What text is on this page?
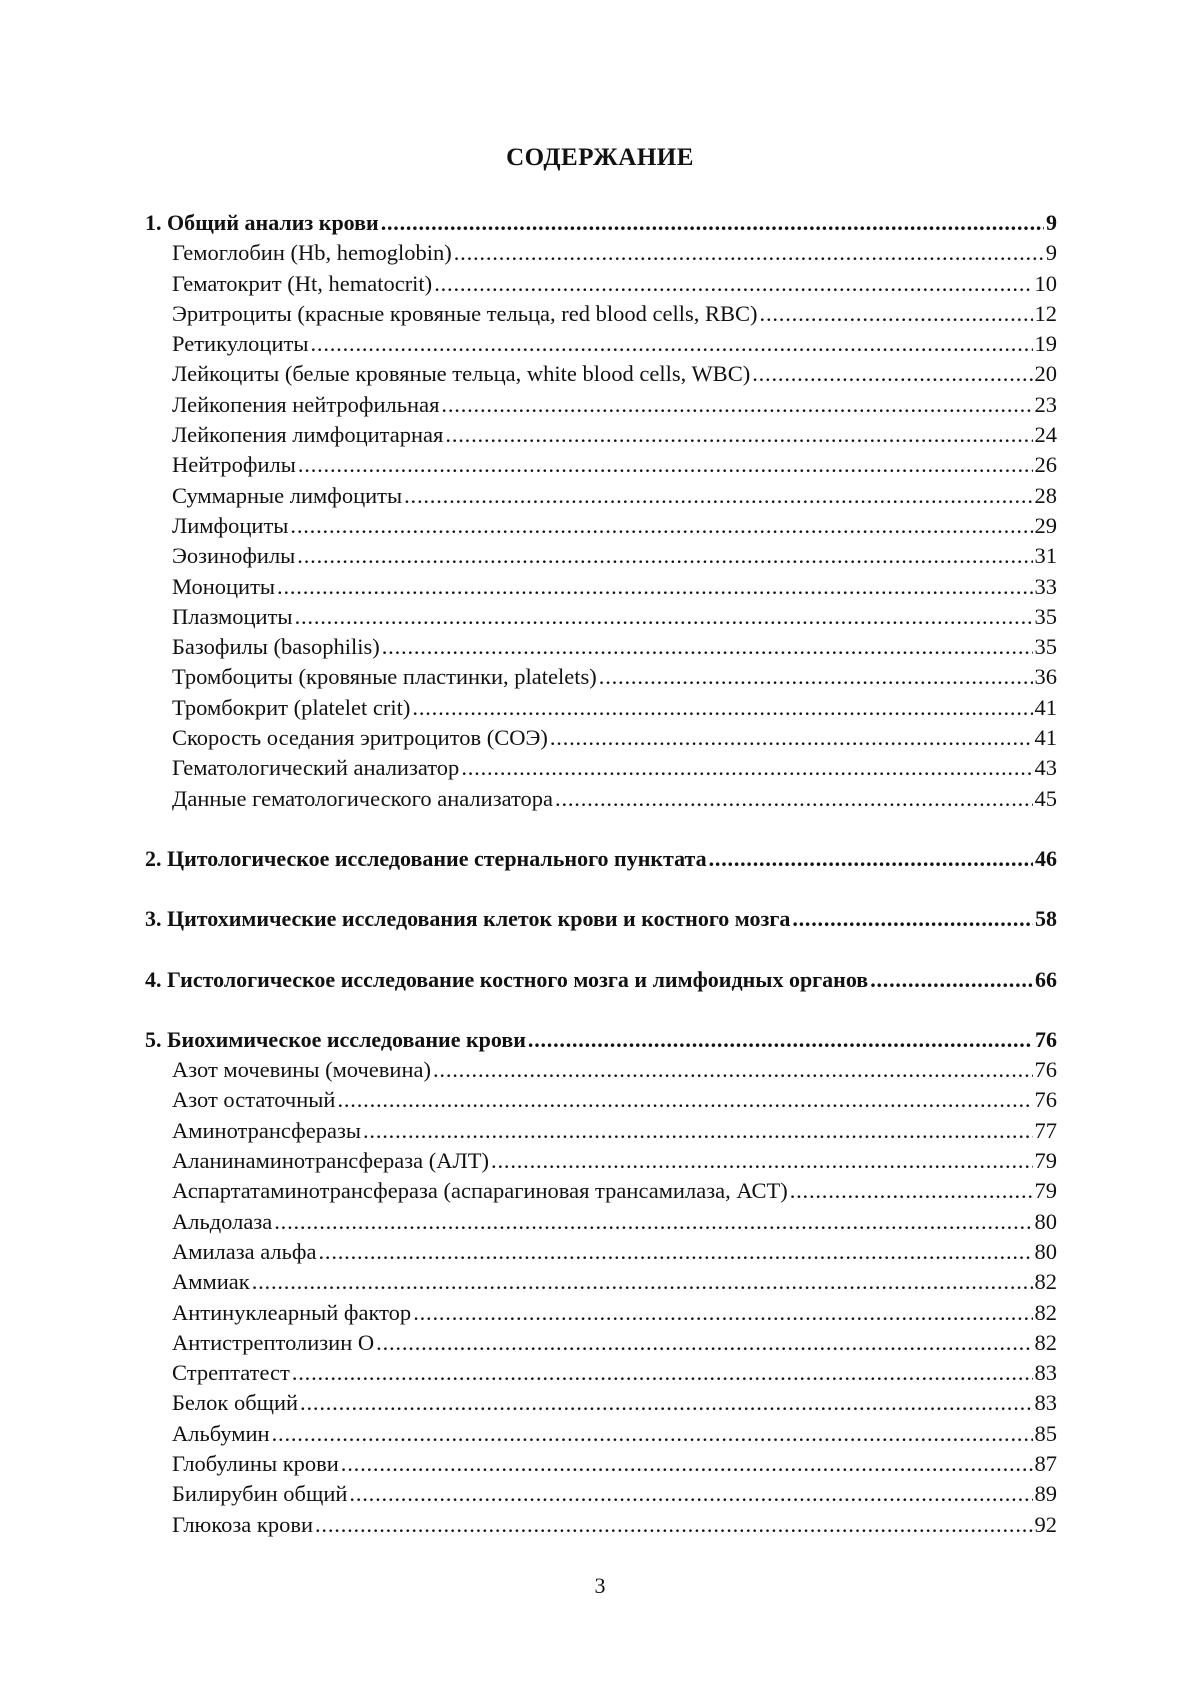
СОДЕРЖАНИЕ
1. Общий анализ крови .....	9
Гемоглобин (Hb, hemoglobin) .....	9
Гематокрит (Ht, hematocrit) .....	10
Эритроциты (красные кровяные тельца, red blood cells, RBC) .....	12
Ретикулоциты .....	19
Лейкоциты (белые кровяные тельца, white blood cells, WBC) .....	20
Лейкопения нейтрофильная .....	23
Лейкопения лимфоцитарная .....	24
Нейтрофилы .....	26
Суммарные лимфоциты .....	28
Лимфоциты .....	29
Эозинофилы .....	31
Моноциты .....	33
Плазмоциты .....	35
Базофилы (basophilis) .....	35
Тромбоциты (кровяные пластинки, platelets) .....	36
Тромбокрит (platelet crit) .....	41
Скорость оседания эритроцитов (СОЭ) .....	41
Гематологический анализатор .....	43
Данные гематологического анализатора .....	45
2. Цитологическое исследование стернального пунктата .....	46
3. Цитохимические исследования клеток крови и костного мозга .....	58
4. Гистологическое исследование костного мозга и лимфоидных органов .....	66
5. Биохимическое исследование крови .....	76
Азот мочевины (мочевина) .....	76
Азот остаточный .....	76
Аминотрансферазы .....	77
Аланинаминотрансфераза (АЛТ) .....	79
Аспартатаминотрансфераза (аспарагиновая трансамилаза, АСТ) .....	79
Альдолаза .....	80
Амилаза альфа .....	80
Аммиак .....	82
Антинуклеарный фактор .....	82
Антистрептолизин О .....	82
Стрептатест .....	83
Белок общий .....	83
Альбумин .....	85
Глобулины крови .....	87
Билирубин общий .....	89
Глюкоза крови .....	92
3
